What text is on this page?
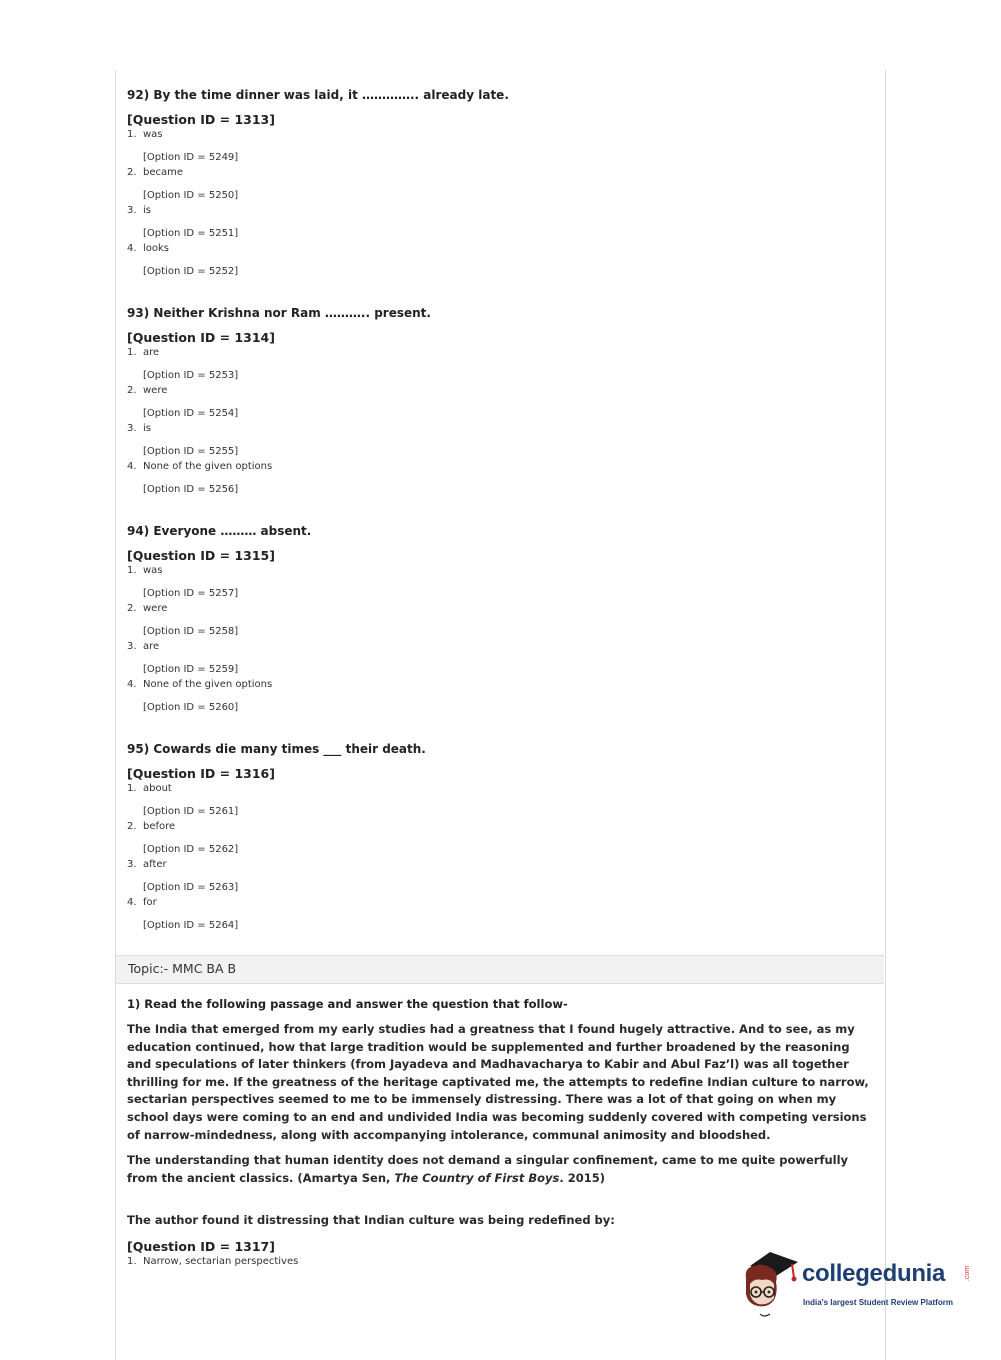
92) By the time dinner was laid, it ………….. already late.

[Question ID = 1313]
1. was
[Option ID = 5249]
2. became
[Option ID = 5250]
3. is
[Option ID = 5251]
4. looks
[Option ID = 5252]

93) Neither Krishna nor Ram ……….. present.

[Question ID = 1314]
1. are
[Option ID = 5253]
2. were
[Option ID = 5254]
3. is
[Option ID = 5255]
4. None of the given options
[Option ID = 5256]

94) Everyone ……… absent.

[Question ID = 1315]
1. was
[Option ID = 5257]
2. were
[Option ID = 5258]
3. are
[Option ID = 5259]
4. None of the given options
[Option ID = 5260]

95) Cowards die many times ___ their death.

[Question ID = 1316]
1. about
[Option ID = 5261]
2. before
[Option ID = 5262]
3. after
[Option ID = 5263]
4. for
[Option ID = 5264]
Topic:- MMC BA B

1) Read the following passage and answer the question that follow-

The India that emerged from my early studies had a greatness that I found hugely attractive. And to see, as my education continued, how that large tradition would be supplemented and further broadened by the reasoning and speculations of later thinkers (from Jayadeva and Madhavacharya to Kabir and Abul Faz’l) was all together thrilling for me. If the greatness of the heritage captivated me, the attempts to redefine Indian culture to narrow, sectarian perspectives seemed to me to be immensely distressing. There was a lot of that going on when my school days were coming to an end and undivided India was becoming suddenly covered with competing versions of narrow-mindedness, along with accompanying intolerance, communal animosity and bloodshed.

The understanding that human identity does not demand a singular confinement, came to me quite powerfully from the ancient classics. (Amartya Sen, The Country of First Boys. 2015)

The author found it distressing that Indian culture was being redefined by:

[Question ID = 1317]
1. Narrow, sectarian perspectives	collegedunia	.com
India's largest Student Review Platform
